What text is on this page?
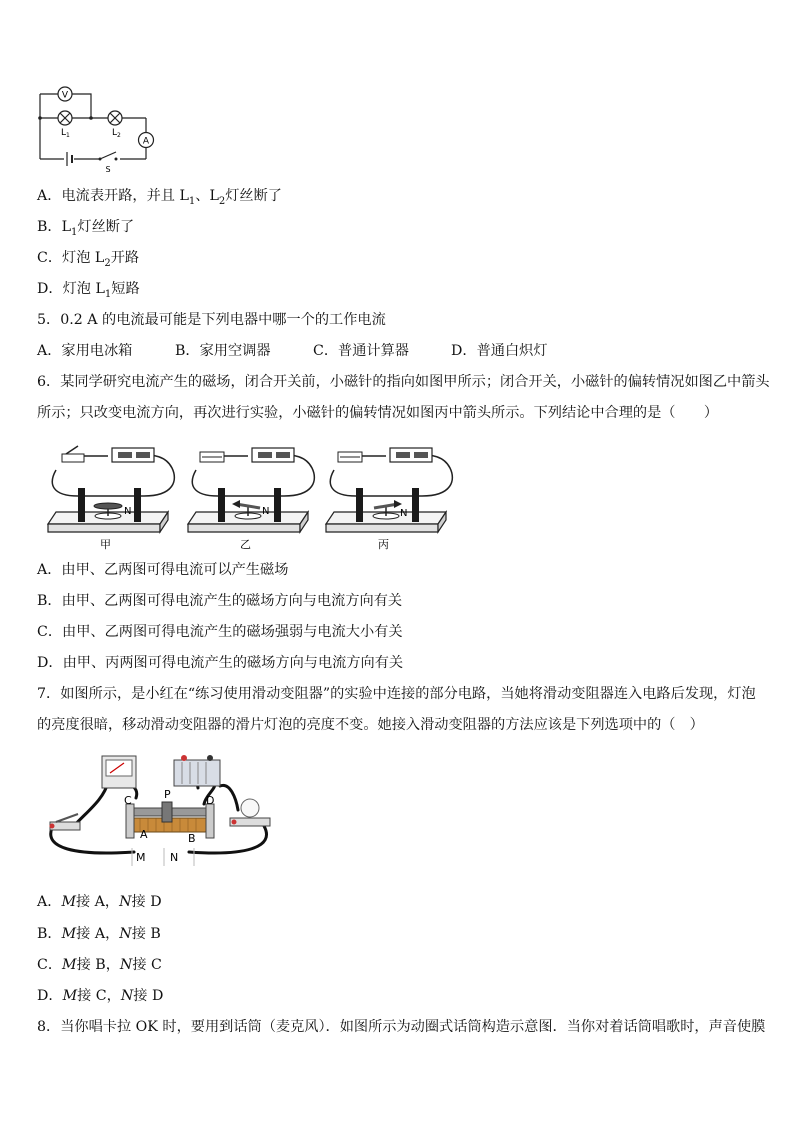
V
A
$L_1$	$L_2$
S
A．电流表开路，并且 $L_1$、$L_2$灯丝断了
B．$L_1$灯丝断了
C．灯泡 $L_2$开路
D．灯泡 $L_1$短路
5．0.2 A 的电流最可能是下列电器中哪一个的工作电流
A．家用电冰箱	B．家用空调器	C．普通计算器	D．普通白炽灯
6．某同学研究电流产生的磁场，闭合开关前，小磁针的指向如图甲所示；闭合开关，小磁针的偏转情况如图乙中箭头
所示；只改变电流方向，再次进行实验，小磁针的偏转情况如图丙中箭头所示。下列结论中合理的是（　　）
N
甲
N
乙
N
丙
A．由甲、乙两图可得电流可以产生磁场
B．由甲、乙两图可得电流产生的磁场方向与电流方向有关
C．由甲、乙两图可得电流产生的磁场强弱与电流大小有关
D．由甲、丙两图可得电流产生的磁场方向与电流方向有关
7．如图所示，是小红在“练习使用滑动变阻器”的实验中连接的部分电路，当她将滑动变阻器连入电路后发现，灯泡
的亮度很暗，移动滑动变阻器的滑片灯泡的亮度不变。她接入滑动变阻器的方法应该是下列选项中的（　）
C	P	D
A	B
M N
A．M接 A，N接 D
B．M接 A，N接 B
C．M接 B，N接 C
D．M接 C，N接 D
8．当你唱卡拉 OK 时，要用到话筒（麦克风）．如图所示为动圈式话筒构造示意图．当你对着话筒唱歌时，声音使膜
